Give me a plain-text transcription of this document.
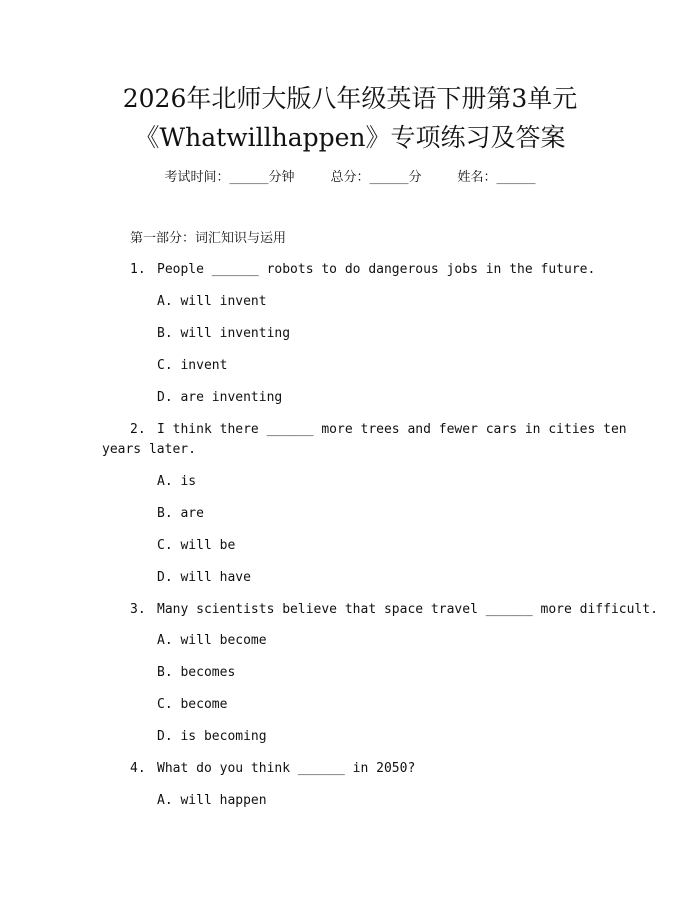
2026年北师大版八年级英语下册第3单元
《Whatwillhappen》专项练习及答案
考试时间：______分钟	总分：______分	姓名：______
第一部分：词汇知识与运用
1. People ______ robots to do dangerous jobs in the future.
A. will invent
B. will inventing
C. invent
D. are inventing
2. I think there ______ more trees and fewer cars in cities ten
years later.
A. is
B. are
C. will be
D. will have
3. Many scientists believe that space travel ______ more difficult.
A. will become
B. becomes
C. become
D. is becoming
4. What do you think ______ in 2050?
A. will happen
